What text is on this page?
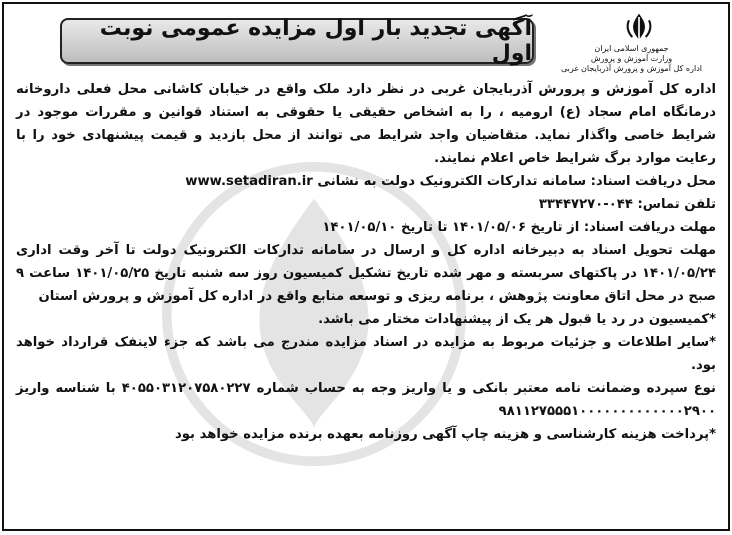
آگهی تجدید بار اول مزایده عمومی نوبت اول	جمهوری اسلامی ایران
وزارت آموزش و پرورش
اداره کل آموزش و پرورش آذربایجان غربی

اداره کل آموزش و پرورش آذربایجان غربی در نظر دارد ملک واقع در خیابان کاشانی محل فعلی داروخانه درمانگاه امام سجاد (ع) ارومیه ، را به اشخاص حقیقی یا حقوقی به استناد قوانین و مقررات موجود در شرایط خاصی واگذار نماید. متقاضیان واجد شرایط می توانند از محل بازدید و قیمت پیشنهادی خود را با رعایت موارد برگ شرایط خاص اعلام نمایند.

محل دریافت اسناد: سامانه تدارکات الکترونیک دولت به نشانی www.setadiran.ir

تلفن تماس: ۰۴۴-۳۳۴۴۷۲۷۰

مهلت دریافت اسناد: از تاریخ ۱۴۰۱/۰۵/۰۶ تا تاریخ ۱۴۰۱/۰۵/۱۰

مهلت تحویل اسناد به دبیرخانه اداره کل و ارسال در سامانه تدارکات الکترونیک دولت تا آخر وقت اداری ۱۴۰۱/۰۵/۲۴ در پاکتهای سربسته و مهر شده تاریخ تشکیل کمیسیون روز سه شنبه تاریخ ۱۴۰۱/۰۵/۲۵ ساعت ۹ صبح در محل اتاق معاونت پژوهش ، برنامه ریزی و توسعه منابع واقع در اداره کل آموزش و پرورش استان

*کمیسیون در رد یا قبول هر یک از پیشنهادات مختار می باشد.

*سایر اطلاعات و جزئیات مربوط به مزایده در اسناد مزایده مندرج می باشد که جزء لاینفک قرارداد خواهد بود.

نوع سپرده وضمانت نامه معتبر بانکی و یا واریز وجه به حساب شماره ۴۰۵۵۰۳۱۲۰۷۵۸۰۲۲۷ با شناسه واریز ۹۸۱۱۲۷۵۵۵۱۰۰۰۰۰۰۰۰۰۰۰۰۰۲۹۰۰

*پرداخت هزینه کارشناسی و هزینه چاپ آگهی روزنامه بعهده برنده مزایده خواهد بود
